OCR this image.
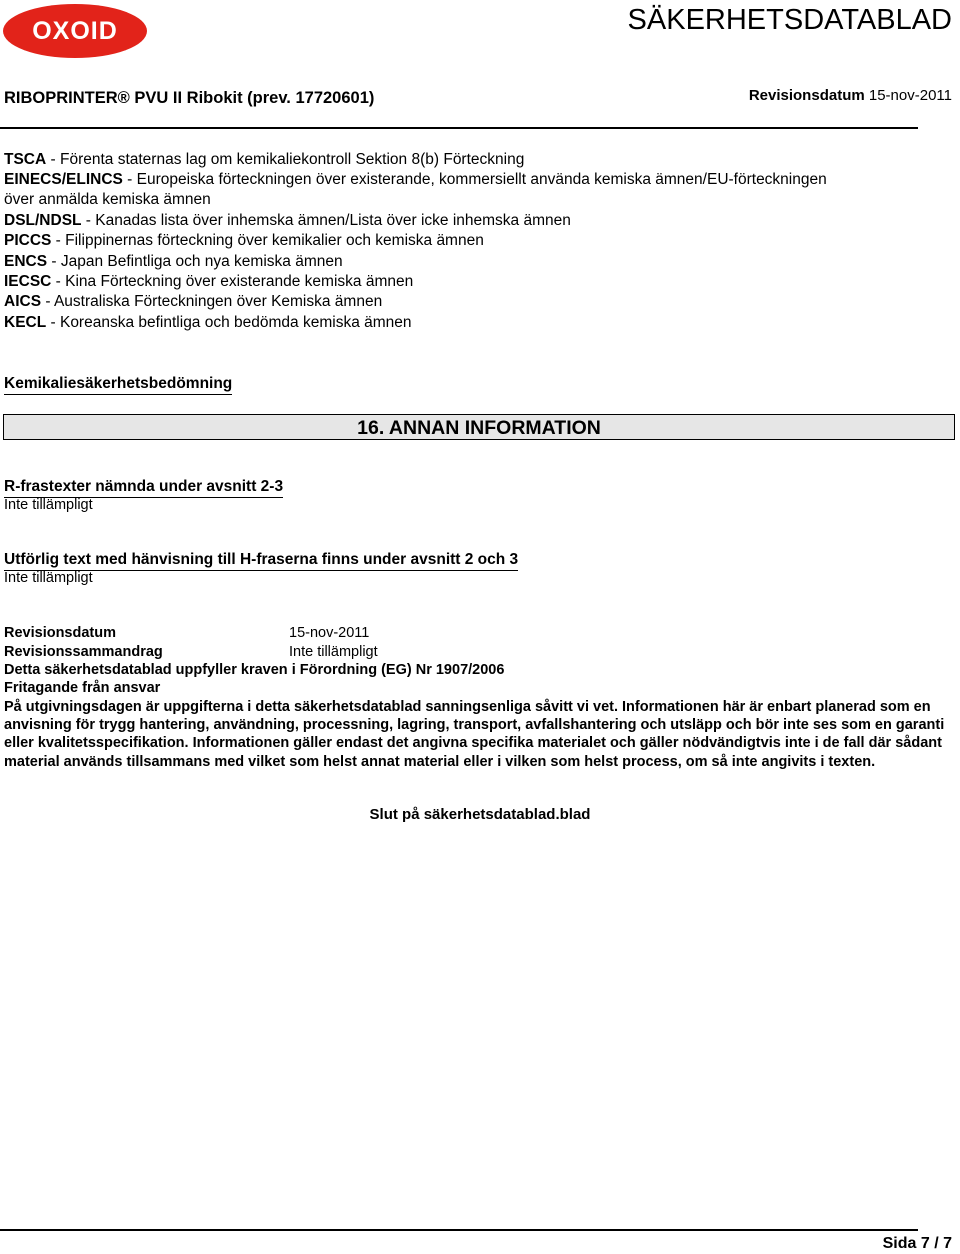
OXOID	SÄKERHETSDATABLAD
RIBOPRINTER® PVU II Ribokit (prev. 17720601)	Revisionsdatum 15-nov-2011
TSCA - Förenta staternas lag om kemikaliekontroll Sektion 8(b) Förteckning
EINECS/ELINCS - Europeiska förteckningen över existerande, kommersiellt använda kemiska ämnen/EU-förteckningen
över anmälda kemiska ämnen
DSL/NDSL - Kanadas lista över inhemska ämnen/Lista över icke inhemska ämnen
PICCS - Filippinernas förteckning över kemikalier och kemiska ämnen
ENCS - Japan Befintliga och nya kemiska ämnen
IECSC - Kina Förteckning över existerande kemiska ämnen
AICS - Australiska Förteckningen över Kemiska ämnen
KECL - Koreanska befintliga och bedömda kemiska ämnen
Kemikaliesäkerhetsbedömning
16. ANNAN INFORMATION
R-frastexter nämnda under avsnitt 2-3
Inte tillämpligt
Utförlig text med hänvisning till H-fraserna finns under avsnitt 2 och 3
Inte tillämpligt
Revisionsdatum	15-nov-2011
Revisionssammandrag	Inte tillämpligt
Detta säkerhetsdatablad uppfyller kraven i Förordning (EG) Nr 1907/2006
Fritagande från ansvar
På utgivningsdagen är uppgifterna i detta säkerhetsdatablad sanningsenliga såvitt vi vet. Informationen här är enbart planerad som en anvisning för trygg hantering, användning, processning, lagring, transport, avfallshantering och utsläpp och bör inte ses som en garanti eller kvalitetsspecifikation. Informationen gäller endast det angivna specifika materialet och gäller nödvändigtvis inte i de fall där sådant material används tillsammans med vilket som helst annat material eller i vilken som helst process, om så inte angivits i texten.
Slut på säkerhetsdatablad.blad
Sida 7 / 7
